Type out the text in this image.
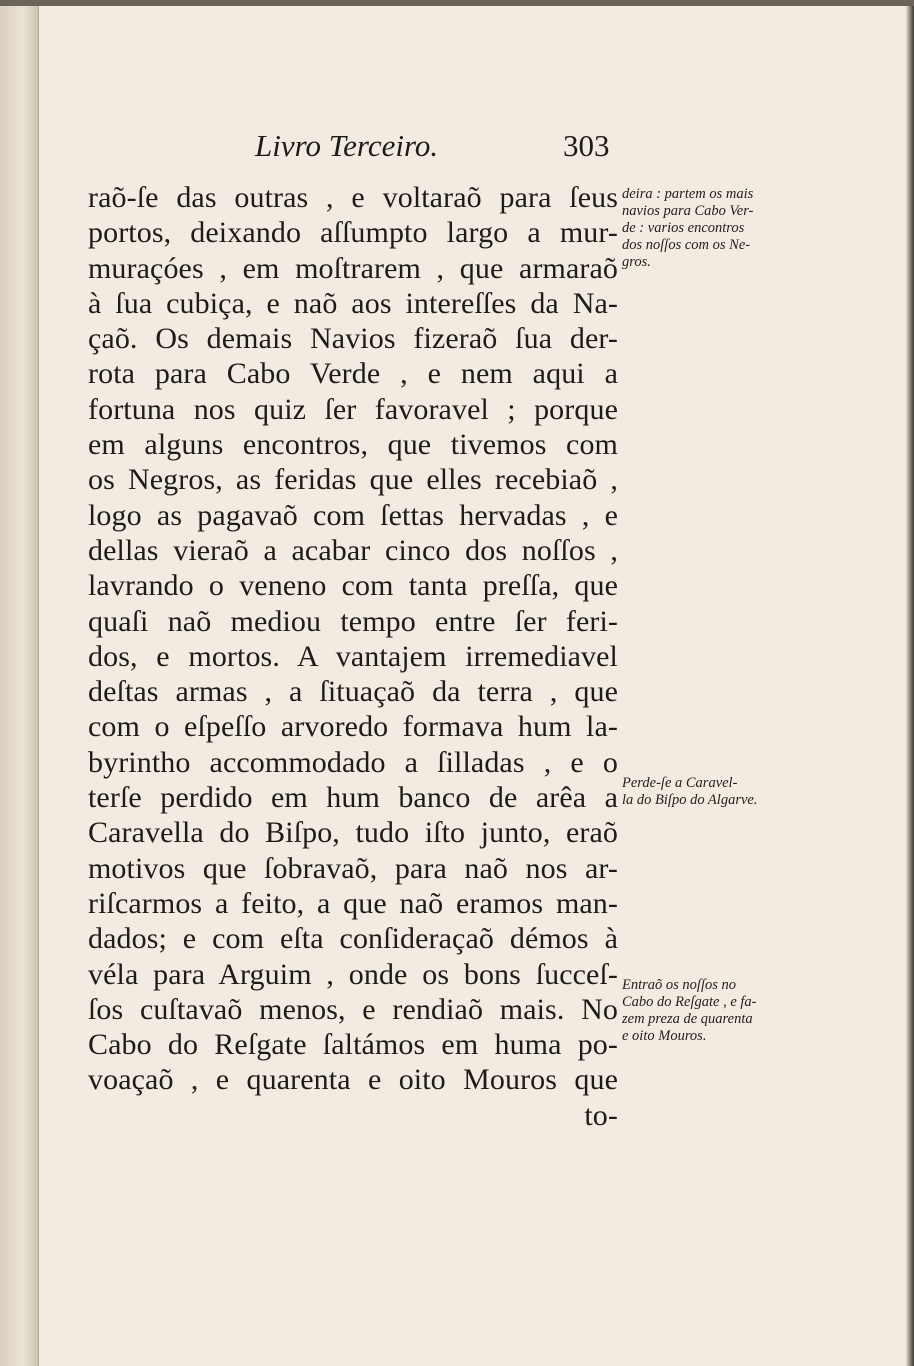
Livro Terceiro.	303
raõ-ſe das outras , e voltaraõ para ſeus
portos, deixando aſſumpto largo a mur-
muraçóes , em moſtrarem , que armaraõ
à ſua cubiça, e naõ aos intereſſes da Na-
çaõ. Os demais Navios fizeraõ ſua der-
rota para Cabo Verde , e nem aqui a
fortuna nos quiz ſer favoravel ; porque
em alguns encontros, que tivemos com
os Negros, as feridas que elles recebiaõ ,
logo as pagavaõ com ſettas hervadas , e
dellas vieraõ a acabar cinco dos noſſos ,
lavrando o veneno com tanta preſſa, que
quaſi naõ mediou tempo entre ſer feri-
dos, e mortos. A vantajem irremediavel
deſtas armas , a ſituaçaõ da terra , que
com o eſpeſſo arvoredo formava hum la-
byrintho accommodado a ſilladas , e o
terſe perdido em hum banco de arêa a
Caravella do Biſpo, tudo iſto junto, eraõ
motivos que ſobravaõ, para naõ nos ar-
riſcarmos a feito, a que naõ eramos man-
dados; e com eſta conſideraçaõ démos à
véla para Arguim , onde os bons ſucceſ-
ſos cuſtavaõ menos, e rendiaõ mais. No
Cabo do Reſgate ſaltámos em huma po-
voaçaõ , e quarenta e oito Mouros que
to-
deira : partem os mais
navios para Cabo Ver-
de : varios encontros
dos noſſos com os Ne-
gros.
Perde-ſe a Caravel-
la do Biſpo do Algarve.
Entraõ os noſſos no
Cabo do Reſgate , e fa-
zem preza de quarenta
e oito Mouros.
